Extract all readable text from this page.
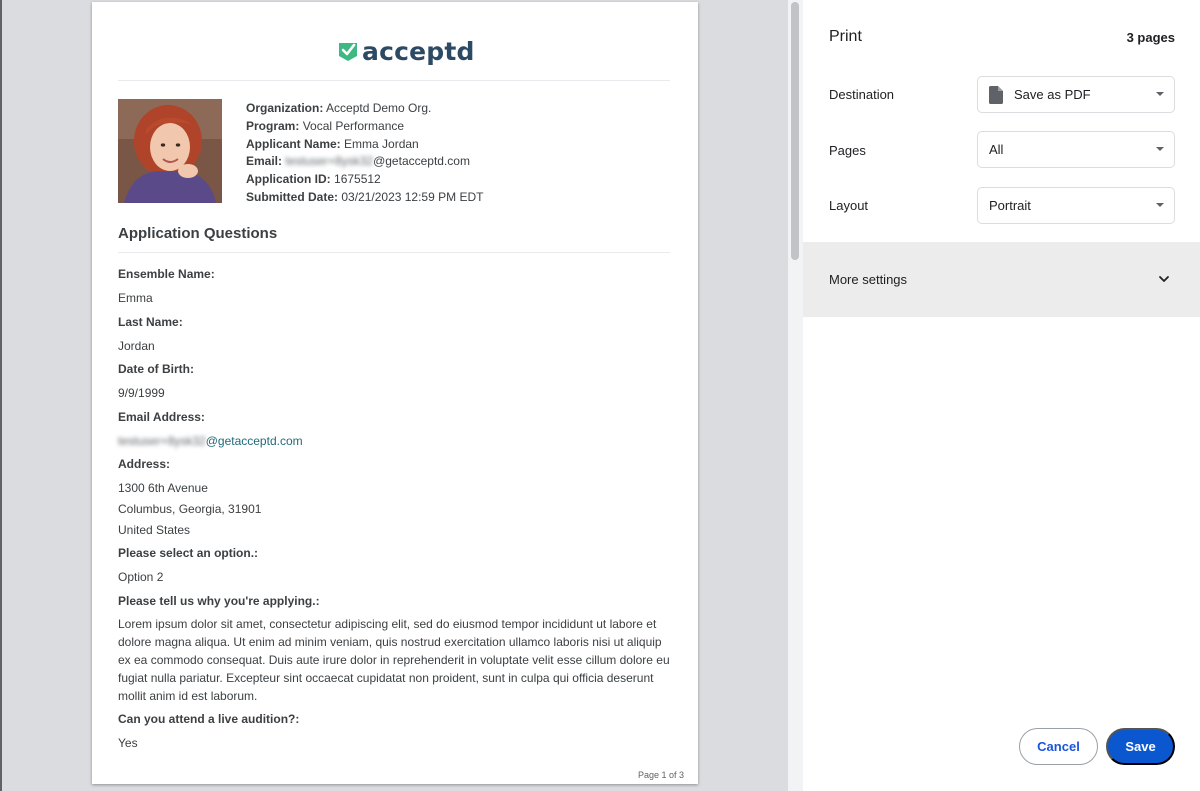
acceptd
Organization: Acceptd Demo Org.
Program: Vocal Performance
Applicant Name: Emma Jordan
Email: testuser+8ysk32@getacceptd.com
Application ID: 1675512
Submitted Date: 03/21/2023 12:59 PM EDT
Application Questions
Ensemble Name:
Emma
Last Name:
Jordan
Date of Birth:
9/9/1999
Email Address:
testuser+8ysk32@getacceptd.com
Address:
1300 6th Avenue
Columbus, Georgia, 31901
United States
Please select an option.:
Option 2
Please tell us why you're applying.:
Lorem ipsum dolor sit amet, consectetur adipiscing elit, sed do eiusmod tempor incididunt ut labore et dolore magna aliqua. Ut enim ad minim veniam, quis nostrud exercitation ullamco laboris nisi ut aliquip ex ea commodo consequat. Duis aute irure dolor in reprehenderit in voluptate velit esse cillum dolore eu fugiat nulla pariatur. Excepteur sint occaecat cupidatat non proident, sunt in culpa qui officia deserunt mollit anim id est laborum.
Can you attend a live audition?:
Yes
Page 1 of 3
Print	3 pages
Destination	Save as PDF
Pages	All
Layout	Portrait
More settings
Cancel	Save
